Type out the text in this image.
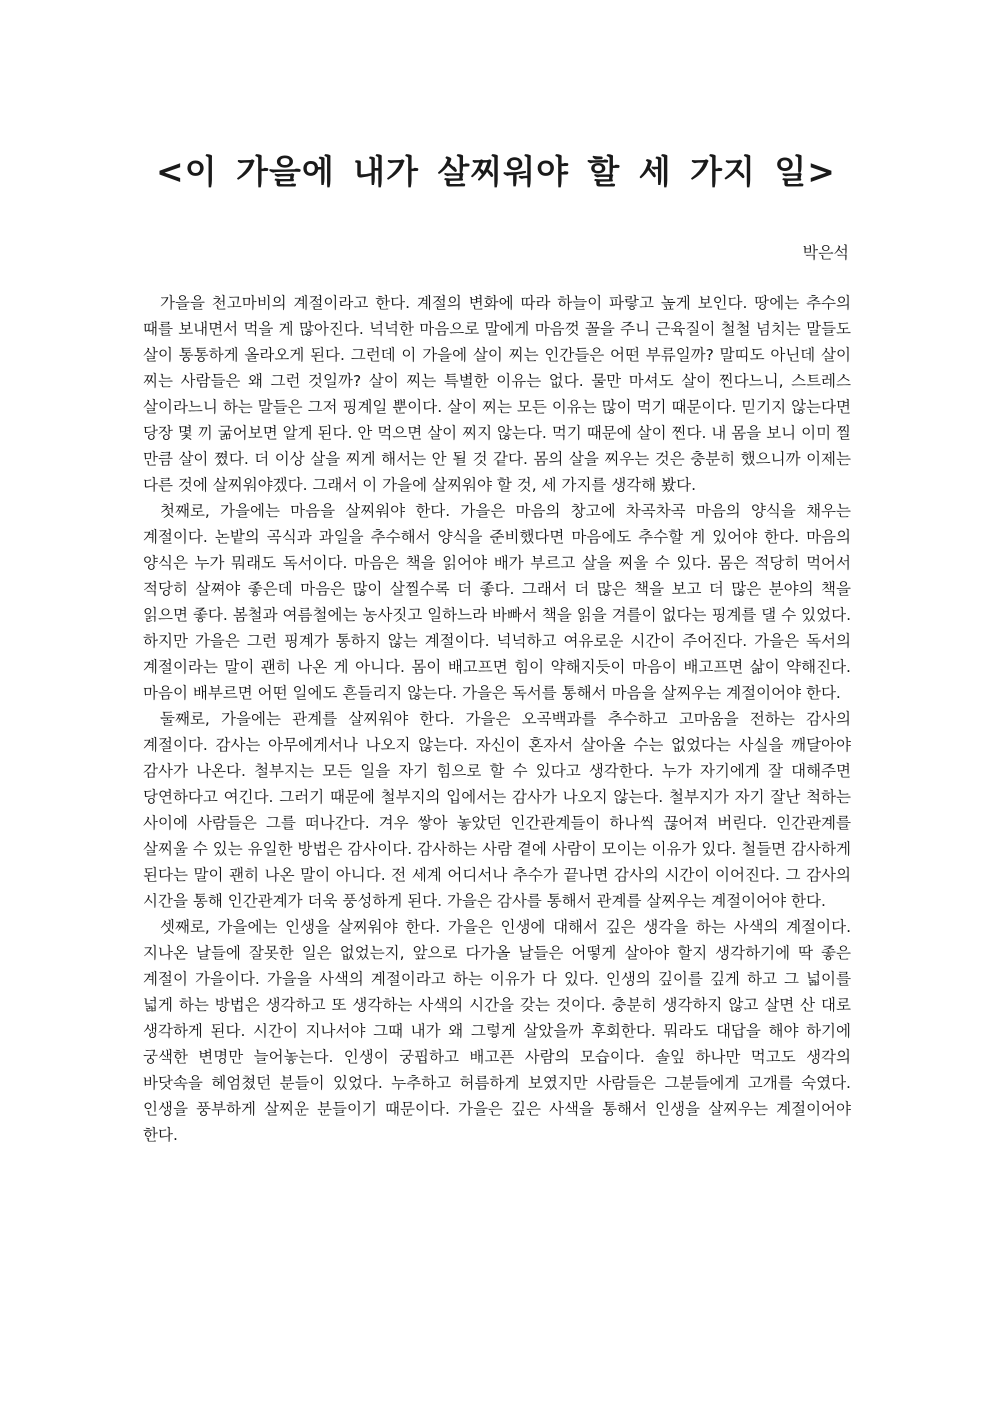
<이 가을에 내가 살찌워야 할 세 가지 일>

박은석

가을을 천고마비의 계절이라고 한다. 계절의 변화에 따라 하늘이 파랗고 높게 보인다. 땅에는 추수의 때를 보내면서 먹을 게 많아진다. 넉넉한 마음으로 말에게 마음껏 꼴을 주니 근육질이 철철 넘치는 말들도 살이 통통하게 올라오게 된다. 그런데 이 가을에 살이 찌는 인간들은 어떤 부류일까? 말띠도 아닌데 살이 찌는 사람들은 왜 그런 것일까? 살이 찌는 특별한 이유는 없다. 물만 마셔도 살이 찐다느니, 스트레스 살이라느니 하는 말들은 그저 핑계일 뿐이다. 살이 찌는 모든 이유는 많이 먹기 때문이다. 믿기지 않는다면 당장 몇 끼 굶어보면 알게 된다. 안 먹으면 살이 찌지 않는다. 먹기 때문에 살이 찐다. 내 몸을 보니 이미 찔 만큼 살이 쪘다. 더 이상 살을 찌게 해서는 안 될 것 같다. 몸의 살을 찌우는 것은 충분히 했으니까 이제는 다른 것에 살찌워야겠다. 그래서 이 가을에 살찌워야 할 것, 세 가지를 생각해 봤다.

첫째로, 가을에는 마음을 살찌워야 한다. 가을은 마음의 창고에 차곡차곡 마음의 양식을 채우는 계절이다. 논밭의 곡식과 과일을 추수해서 양식을 준비했다면 마음에도 추수할 게 있어야 한다. 마음의 양식은 누가 뭐래도 독서이다. 마음은 책을 읽어야 배가 부르고 살을 찌울 수 있다. 몸은 적당히 먹어서 적당히 살쪄야 좋은데 마음은 많이 살찔수록 더 좋다. 그래서 더 많은 책을 보고 더 많은 분야의 책을 읽으면 좋다. 봄철과 여름철에는 농사짓고 일하느라 바빠서 책을 읽을 겨를이 없다는 핑계를 댈 수 있었다. 하지만 가을은 그런 핑계가 통하지 않는 계절이다. 넉넉하고 여유로운 시간이 주어진다. 가을은 독서의 계절이라는 말이 괜히 나온 게 아니다. 몸이 배고프면 힘이 약해지듯이 마음이 배고프면 삶이 약해진다. 마음이 배부르면 어떤 일에도 흔들리지 않는다. 가을은 독서를 통해서 마음을 살찌우는 계절이어야 한다.

둘째로, 가을에는 관계를 살찌워야 한다. 가을은 오곡백과를 추수하고 고마움을 전하는 감사의 계절이다. 감사는 아무에게서나 나오지 않는다. 자신이 혼자서 살아올 수는 없었다는 사실을 깨달아야 감사가 나온다. 철부지는 모든 일을 자기 힘으로 할 수 있다고 생각한다. 누가 자기에게 잘 대해주면 당연하다고 여긴다. 그러기 때문에 철부지의 입에서는 감사가 나오지 않는다. 철부지가 자기 잘난 척하는 사이에 사람들은 그를 떠나간다. 겨우 쌓아 놓았던 인간관계들이 하나씩 끊어져 버린다. 인간관계를 살찌울 수 있는 유일한 방법은 감사이다. 감사하는 사람 곁에 사람이 모이는 이유가 있다. 철들면 감사하게 된다는 말이 괜히 나온 말이 아니다. 전 세계 어디서나 추수가 끝나면 감사의 시간이 이어진다. 그 감사의 시간을 통해 인간관계가 더욱 풍성하게 된다. 가을은 감사를 통해서 관계를 살찌우는 계절이어야 한다.

셋째로, 가을에는 인생을 살찌워야 한다. 가을은 인생에 대해서 깊은 생각을 하는 사색의 계절이다. 지나온 날들에 잘못한 일은 없었는지, 앞으로 다가올 날들은 어떻게 살아야 할지 생각하기에 딱 좋은 계절이 가을이다. 가을을 사색의 계절이라고 하는 이유가 다 있다. 인생의 깊이를 깊게 하고 그 넓이를 넓게 하는 방법은 생각하고 또 생각하는 사색의 시간을 갖는 것이다. 충분히 생각하지 않고 살면 산 대로 생각하게 된다. 시간이 지나서야 그때 내가 왜 그렇게 살았을까 후회한다. 뭐라도 대답을 해야 하기에 궁색한 변명만 늘어놓는다. 인생이 궁핍하고 배고픈 사람의 모습이다. 솔잎 하나만 먹고도 생각의 바닷속을 헤엄쳤던 분들이 있었다. 누추하고 허름하게 보였지만 사람들은 그분들에게 고개를 숙였다. 인생을 풍부하게 살찌운 분들이기 때문이다. 가을은 깊은 사색을 통해서 인생을 살찌우는 계절이어야 한다.
